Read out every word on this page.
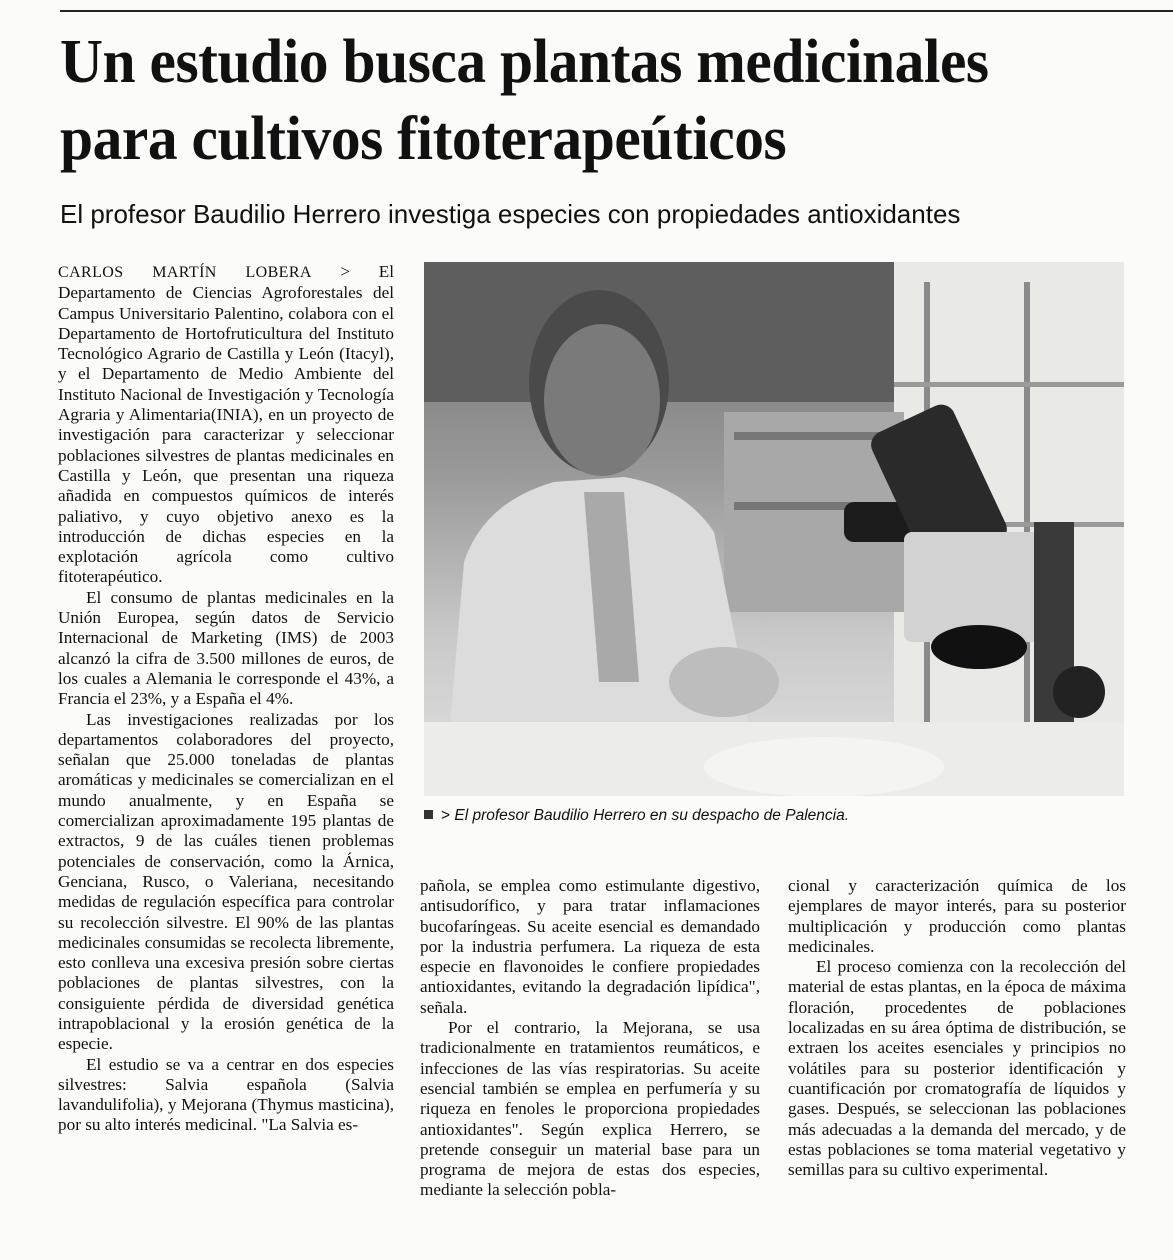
Un estudio busca plantas medicinales
para cultivos fitoterapeúticos
El profesor Baudilio Herrero investiga especies con propiedades antioxidantes

CARLOS MARTÍN LOBERA > El Departamento de Ciencias Agroforestales del Campus Universitario Palentino, colabora con el Departamento de Hortofruticultura del Instituto Tecnológico Agrario de Castilla y León (Itacyl), y el Departamento de Medio Ambiente del Instituto Nacional de Investigación y Tecnología Agraria y Alimentaria(INIA), en un proyecto de investigación para caracterizar y seleccionar poblaciones silvestres de plantas medicinales en Castilla y León, que presentan una riqueza añadida en compuestos químicos de interés paliativo, y cuyo objetivo anexo es la introducción de dichas especies en la explotación agrícola como cultivo fitoterapéutico.

El consumo de plantas medicinales en la Unión Europea, según datos de Servicio Internacional de Marketing (IMS) de 2003 alcanzó la cifra de 3.500 millones de euros, de los cuales a Alemania le corresponde el 43%, a Francia el 23%, y a España el 4%.

Las investigaciones realizadas por los departamentos colaboradores del proyecto, señalan que 25.000 toneladas de plantas aromáticas y medicinales se comercializan en el mundo anualmente, y en España se comercializan aproximadamente 195 plantas de extractos, 9 de las cuáles tienen problemas potenciales de conservación, como la Árnica, Genciana, Rusco, o Valeriana, necesitando medidas de regulación específica para controlar su recolección silvestre. El 90% de las plantas medicinales consumidas se recolecta libremente, esto conlleva una excesiva presión sobre ciertas poblaciones de plantas silvestres, con la consiguiente pérdida de diversidad genética intrapoblacional y la erosión genética de la especie.

El estudio se va a centrar en dos especies silvestres: Salvia española (Salvia lavandulifolia), y Mejorana (Thymus masticina), por su alto interés medicinal. "La Salvia es-

> El profesor Baudilio Herrero en su despacho de Palencia.

pañola, se emplea como estimulante digestivo, antisudorífico, y para tratar inflamaciones bucofaríngeas. Su aceite esencial es demandado por la industria perfumera. La riqueza de esta especie en flavonoides le confiere propiedades antioxidantes, evitando la degradación lipídica", señala.

Por el contrario, la Mejorana, se usa tradicionalmente en tratamientos reumáticos, e infecciones de las vías respiratorias. Su aceite esencial también se emplea en perfumería y su riqueza en fenoles le proporciona propiedades antioxidantes". Según explica Herrero, se pretende conseguir un material base para un programa de mejora de estas dos especies, mediante la selección pobla-

cional y caracterización química de los ejemplares de mayor interés, para su posterior multiplicación y producción como plantas medicinales.

El proceso comienza con la recolección del material de estas plantas, en la época de máxima floración, procedentes de poblaciones localizadas en su área óptima de distribución, se extraen los aceites esenciales y principios no volátiles para su posterior identificación y cuantificación por cromatografía de líquidos y gases. Después, se seleccionan las poblaciones más adecuadas a la demanda del mercado, y de estas poblaciones se toma material vegetativo y semillas para su cultivo experimental.
